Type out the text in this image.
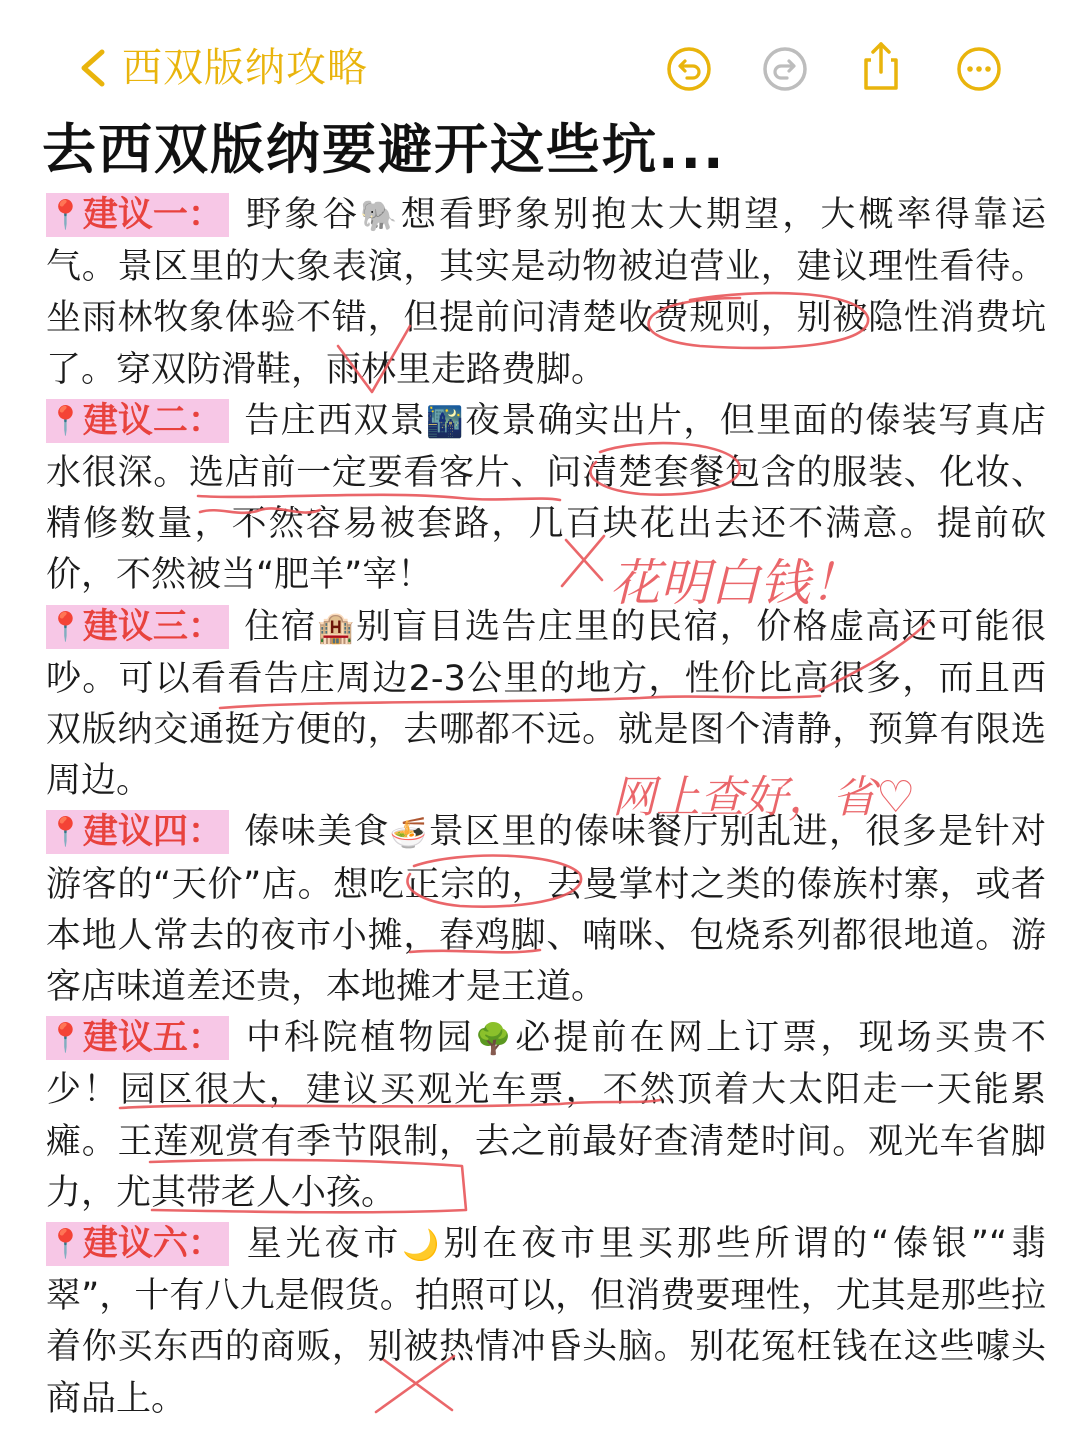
西双版纳攻略
去西双版纳要避开这些坑...

📍建议一： 野象谷🐘想看野象别抱太大期望，大概率得靠运气。景区里的大象表演，其实是动物被迫营业，建议理性看待。坐雨林牧象体验不错，但提前问清楚收费规则，别被隐性消费坑了。穿双防滑鞋，雨林里走路费脚。

📍建议二： 告庄西双景🌃夜景确实出片，但里面的傣装写真店水很深。选店前一定要看客片、问清楚套餐包含的服装、化妆、精修数量，不然容易被套路，几百块花出去还不满意。提前砍价，不然被当“肥羊”宰！

📍建议三： 住宿🏨别盲目选告庄里的民宿，价格虚高还可能很吵。可以看看告庄周边2-3公里的地方，性价比高很多，而且西双版纳交通挺方便的，去哪都不远。就是图个清静，预算有限选周边。

📍建议四： 傣味美食🍜景区里的傣味餐厅别乱进，很多是针对游客的“天价”店。想吃正宗的，去曼掌村之类的傣族村寨，或者本地人常去的夜市小摊，舂鸡脚、喃咪、包烧系列都很地道。游客店味道差还贵，本地摊才是王道。

📍建议五： 中科院植物园🌳必提前在网上订票，现场买贵不少！园区很大，建议买观光车票，不然顶着大太阳走一天能累瘫。王莲观赏有季节限制，去之前最好查清楚时间。观光车省脚力，尤其带老人小孩。

📍建议六： 星光夜市🌙别在夜市里买那些所谓的“傣银”“翡翠”，十有八九是假货。拍照可以，但消费要理性，尤其是那些拉着你买东西的商贩，别被热情冲昏头脑。别花冤枉钱在这些噱头商品上。

花明白钱！
网上查好，省♡
